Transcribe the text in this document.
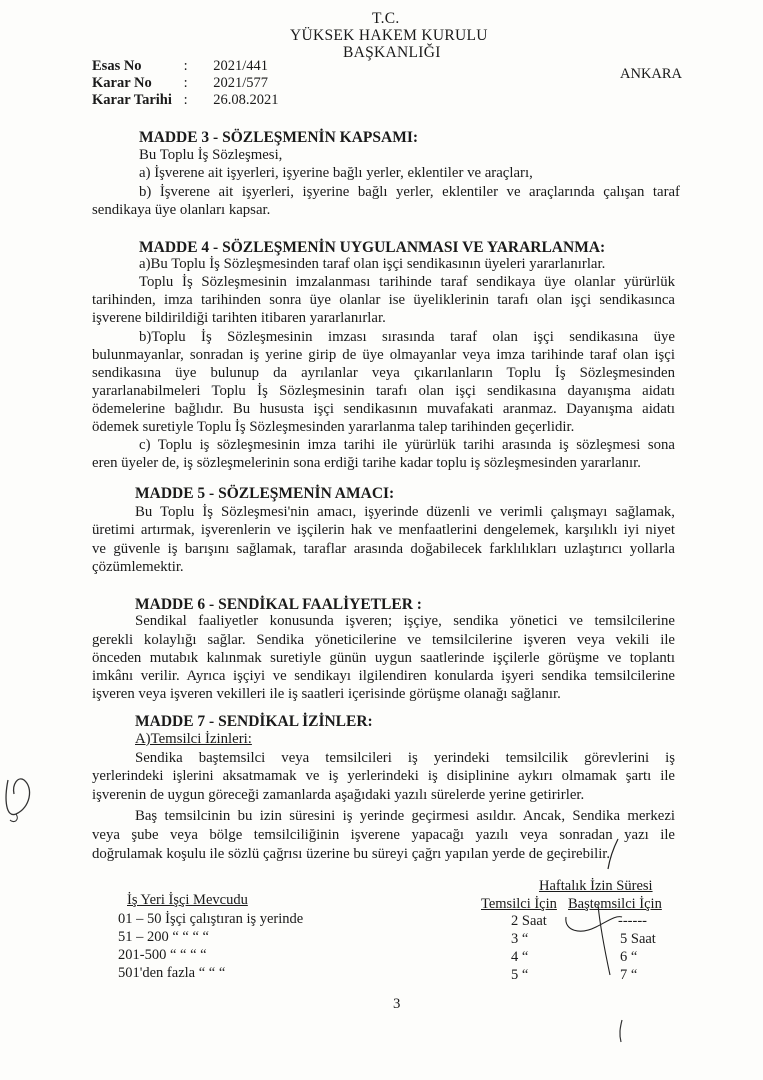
T.C.
YÜKSEK HAKEM KURULU
BAŞKANLIĞI
ANKARA
Esas No	: 2021/441
Karar No : 2021/577
Karar Tarihi : 26.08.2021
MADDE 3 - SÖZLEŞMENİN KAPSAMI:
Bu Toplu İş Sözleşmesi,
a) İşverene ait işyerleri, işyerine bağlı yerler, eklentiler ve araçları,
b) İşverene ait işyerleri, işyerine bağlı yerler, eklentiler ve araçlarında çalışan taraf
sendikaya üye olanları kapsar.
MADDE 4 - SÖZLEŞMENİN UYGULANMASI VE YARARLANMA:
a)Bu Toplu İş Sözleşmesinden taraf olan işçi sendikasının üyeleri yararlanırlar.
Toplu İş Sözleşmesinin imzalanması tarihinde taraf sendikaya üye olanlar yürürlük
tarihinden, imza tarihinden sonra üye olanlar ise üyeliklerinin tarafı olan işçi sendikasınca
işverene bildirildiği tarihten itibaren yararlanırlar.
b)Toplu İş Sözleşmesinin imzası sırasında taraf olan işçi sendikasına üye
bulunmayanlar, sonradan iş yerine girip de üye olmayanlar veya imza tarihinde taraf olan işçi
sendikasına üye bulunup da ayrılanlar veya çıkarılanların Toplu İş Sözleşmesinden
yararlanabilmeleri Toplu İş Sözleşmesinin tarafı olan işçi sendikasına dayanışma aidatı
ödemelerine bağlıdır. Bu hususta işçi sendikasının muvafakati aranmaz. Dayanışma aidatı
ödemek suretiyle Toplu İş Sözleşmesinden yararlanma talep tarihinden geçerlidir.
c) Toplu iş sözleşmesinin imza tarihi ile yürürlük tarihi arasında iş sözleşmesi sona
eren üyeler de, iş sözleşmelerinin sona erdiği tarihe kadar toplu iş sözleşmesinden yararlanır.
MADDE 5 - SÖZLEŞMENİN AMACI:
Bu Toplu İş Sözleşmesi'nin amacı, işyerinde düzenli ve verimli çalışmayı sağlamak,
üretimi artırmak, işverenlerin ve işçilerin hak ve menfaatlerini dengelemek, karşılıklı iyi niyet
ve güvenle iş barışını sağlamak, taraflar arasında doğabilecek farklılıkları uzlaştırıcı yollarla
çözümlemektir.
MADDE 6 - SENDİKAL FAALİYETLER :
Sendikal faaliyetler konusunda işveren; işçiye, sendika yönetici ve temsilcilerine
gerekli kolaylığı sağlar. Sendika yöneticilerine ve temsilcilerine işveren veya vekili ile
önceden mutabık kalınmak suretiyle günün uygun saatlerinde işçilerle görüşme ve toplantı
imkânı verilir. Ayrıca işçiyi ve sendikayı ilgilendiren konularda işyeri sendika temsilcilerine
işveren veya işveren vekilleri ile iş saatleri içerisinde görüşme olanağı sağlanır.
MADDE 7 - SENDİKAL İZİNLER:
A)Temsilci İzinleri:
Sendika baştemsilci veya temsilcileri iş yerindeki temsilcilik görevlerini iş
yerlerindeki işlerini aksatmamak ve iş yerlerindeki iş disiplinine aykırı olmamak şartı ile
işverenin de uygun göreceği zamanlarda aşağıdaki yazılı sürelerde yerine getirirler.
Baş temsilcinin bu izin süresini iş yerinde geçirmesi asıldır. Ancak, Sendika merkezi
veya şube veya bölge temsilciliğinin işverene yapacağı yazılı veya sonradan yazı ile
doğrulamak koşulu ile sözlü çağrısı üzerine bu süreyi çağrı yapılan yerde de geçirebilir.
İş Yeri İşçi Mevcudu
Haftalık İzin Süresi
Temsilci İçin Baştemsilci İçin
01 – 50 İşçi çalıştıran iş yerinde	2 Saat	------
51 – 200 “ “ “ “	3 “	5 Saat
201-500 “ “ “ “	4 “	6 “
501'den fazla “ “ “	5 “	7 “
3
